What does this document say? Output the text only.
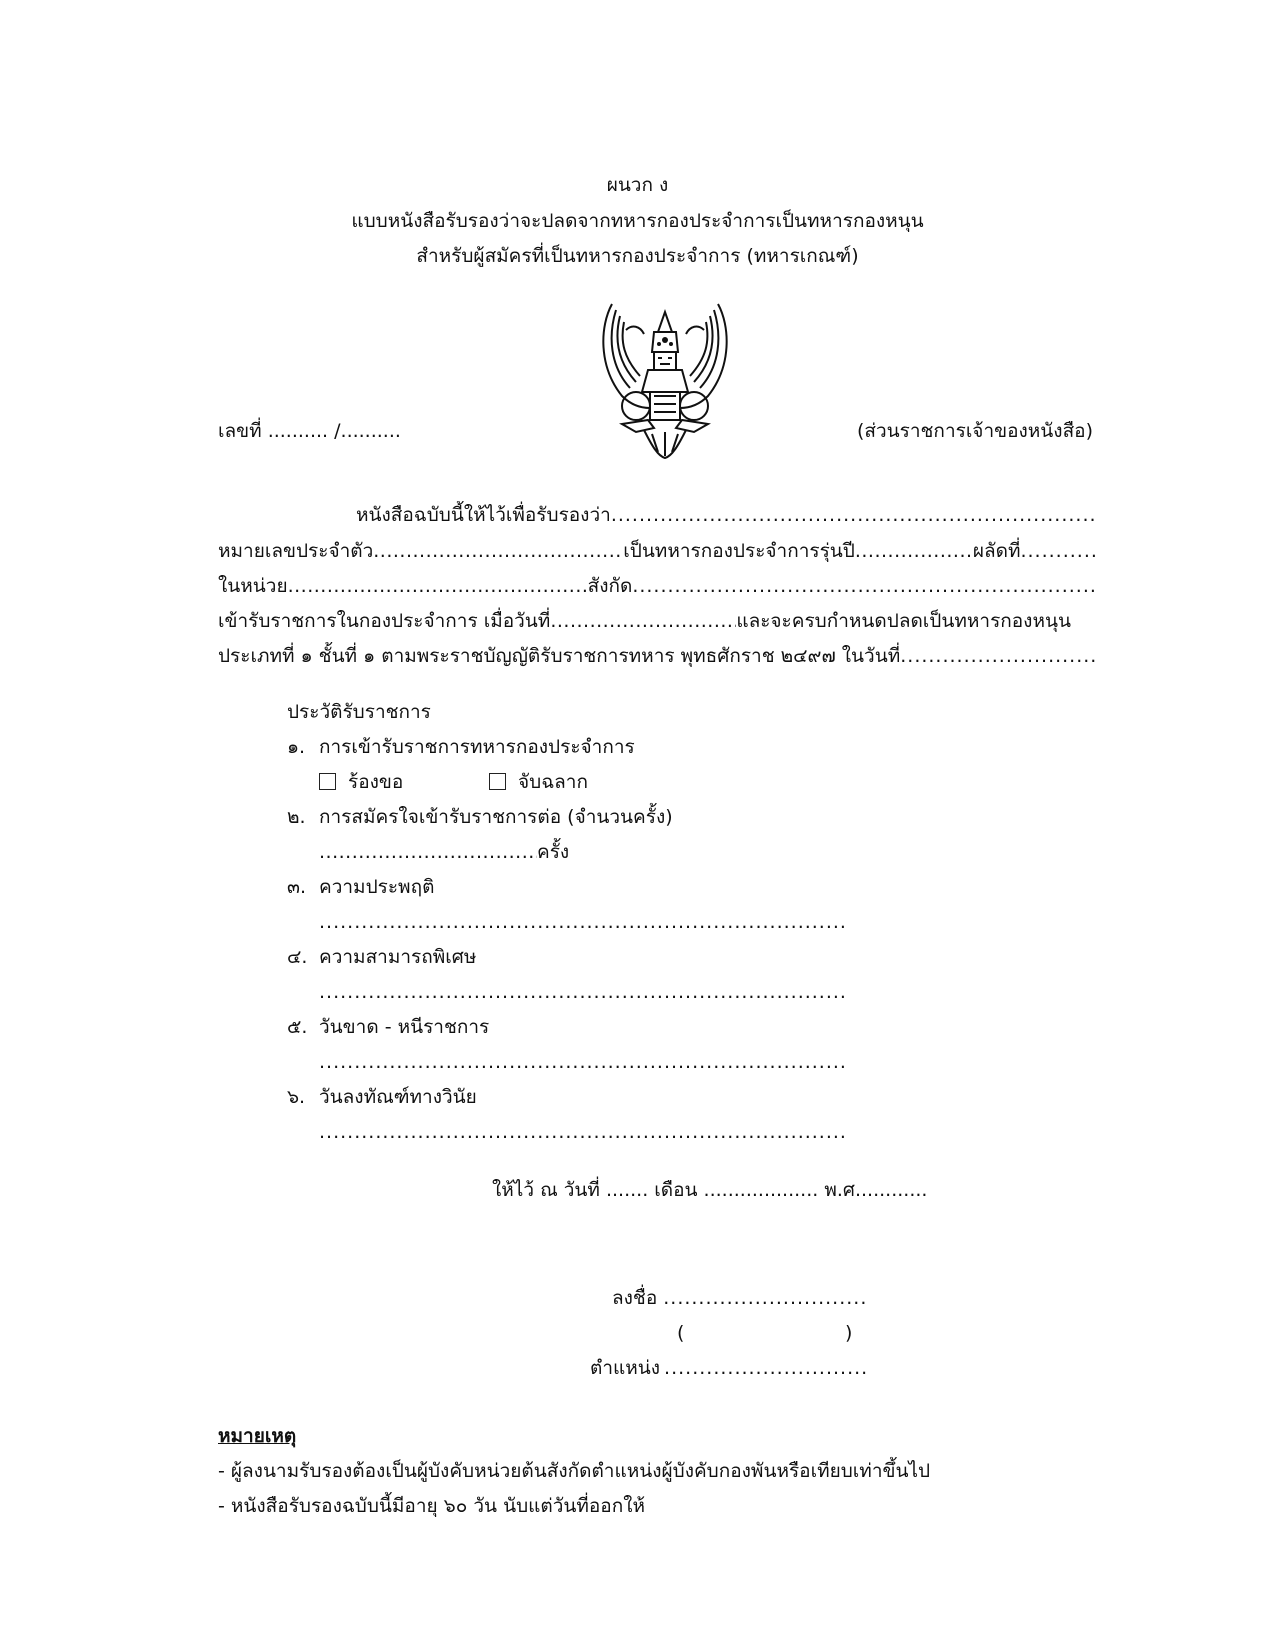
ผนวก ง
แบบหนังสือรับรองว่าจะปลดจากทหารกองประจำการเป็นทหารกองหนุน
สำหรับผู้สมัครที่เป็นทหารกองประจำการ (ทหารเกณฑ์)
เลขที่ .......... /..........	(ส่วนราชการเจ้าของหนังสือ)
หนังสือฉบับนี้ให้ไว้เพื่อรับรองว่า
.....
หมายเลขประจำตัว .....	เป็นทหารกองประจำการรุ่นปี .....	ผลัดที่
.....
ในหน่วย .....	สังกัด
.....
เข้ารับราชการในกองประจำการ เมื่อวันที่ .....	และจะครบกำหนดปลดเป็นทหารกองหนุน
ประเภทที่ ๑ ชั้นที่ ๑ ตามพระราชบัญญัติรับราชการทหาร พุทธศักราช ๒๔๙๗ ในวันที่
.....
ประวัติรับราชการ
๑. การเข้ารับราชการทหารกองประจำการ
ร้องขอ	จับฉลาก
๒. การสมัครใจเข้ารับราชการต่อ (จำนวนครั้ง)
.....
ครั้ง
๓. ความประพฤติ
.....
๔. ความสามารถพิเศษ
.....
๕. วันขาด - หนีราชการ
.....
๖. วันลงทัณฑ์ทางวินัย
.....
ให้ไว้ ณ วันที่ ....... เดือน ................... พ.ศ............
ลงชื่อ
.....
(	)
ตำแหน่ง
.....
หมายเหตุ
- ผู้ลงนามรับรองต้องเป็นผู้บังคับหน่วยต้นสังกัดตำแหน่งผู้บังคับกองพันหรือเทียบเท่าขึ้นไป
- หนังสือรับรองฉบับนี้มีอายุ ๖๐ วัน นับแต่วันที่ออกให้
